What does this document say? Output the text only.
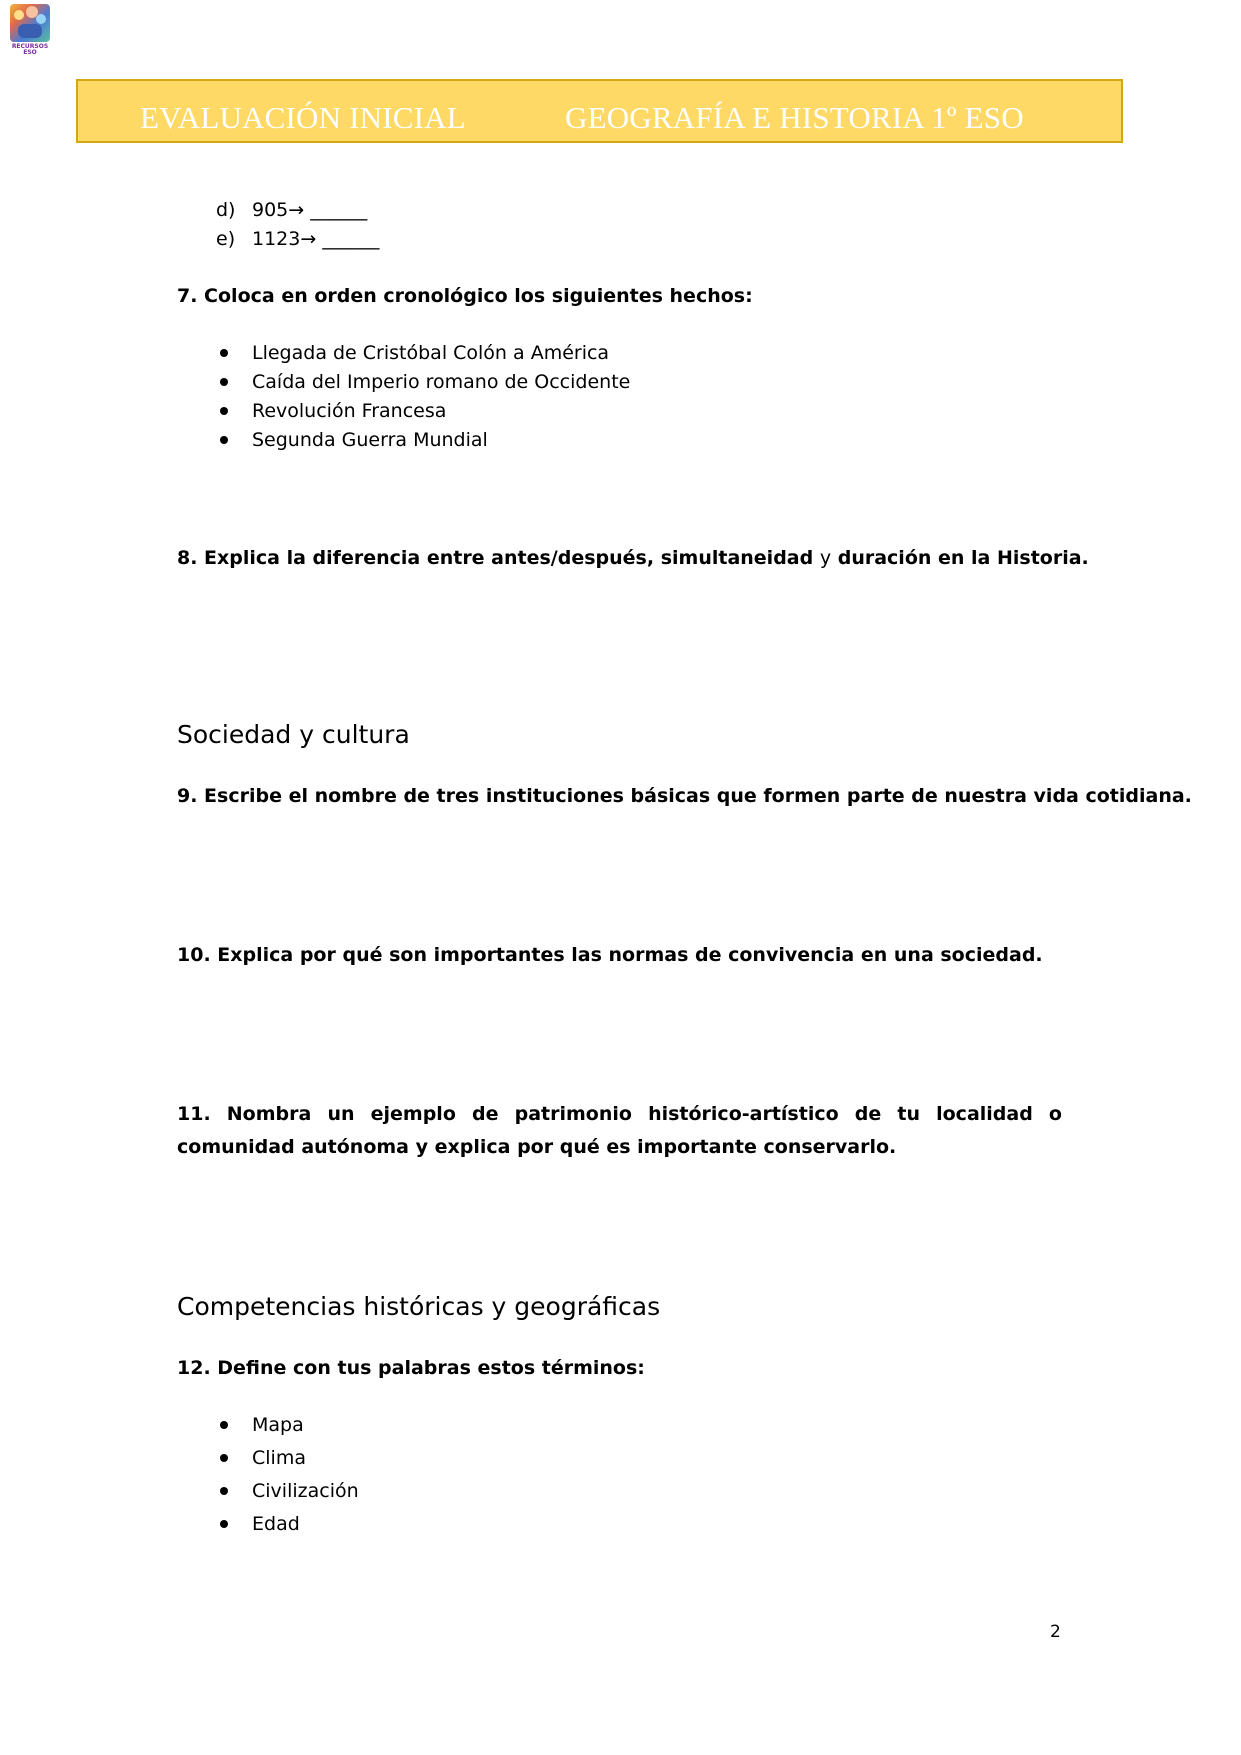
RECURSOS
ESO
EVALUACIÓN INICIAL	GEOGRAFÍA E HISTORIA 1º ESO
d) 905→ ______
e) 1123→ ______
7. Coloca en orden cronológico los siguientes hechos:
Llegada de Cristóbal Colón a América
Caída del Imperio romano de Occidente
Revolución Francesa
Segunda Guerra Mundial
8. Explica la diferencia entre antes/después, simultaneidad y duración en la Historia.
Sociedad y cultura
9. Escribe el nombre de tres instituciones básicas que formen parte de nuestra vida cotidiana.
10. Explica por qué son importantes las normas de convivencia en una sociedad.
11. Nombra un ejemplo de patrimonio histórico-artístico de tu localidad o comunidad autónoma y explica por qué es importante conservarlo.
Competencias históricas y geográficas
12. Define con tus palabras estos términos:
Mapa
Clima
Civilización
Edad
2
